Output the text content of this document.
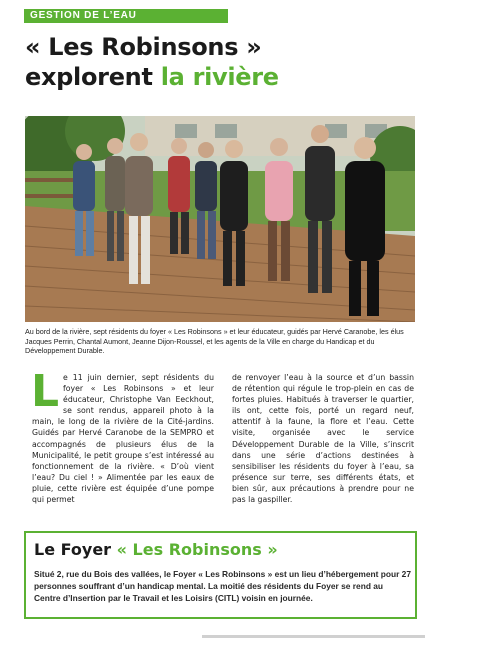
GESTION DE L’EAU
« Les Robinsons »
explorent la rivière

Au bord de la rivière, sept résidents du foyer « Les Robinsons » et leur éducateur, guidés par Hervé Caranobe, les élus Jacques Perrin, Chantal Aumont, Jeanne Dijon-Roussel, et les agents de la Ville en charge du Handicap et du Développement Durable.

L e 11 juin dernier, sept résidents du foyer « Les Robinsons » et leur éducateur, Christophe Van Eeckhout, se sont rendus, appareil photo à la main, le long de la rivière de la Cité-jardins. Guidés par Hervé Caranobe de la SEMPRO et accompagnés de plusieurs élus de la Municipalité, le petit groupe s’est intéressé au fonctionnement de la rivière. « D’où vient l’eau? Du ciel ! » Alimentée par les eaux de pluie, cette rivière est équipée d’une pompe qui permet
de renvoyer l’eau à la source et d’un bassin de rétention qui régule le trop-plein en cas de fortes pluies. Habitués à traverser le quartier, ils ont, cette fois, porté un regard neuf, attentif à la faune, la flore et l’eau. Cette visite, organisée avec le service Développement Durable de la Ville, s’inscrit dans une série d’actions destinées à sensibiliser les résidents du foyer à l’eau, sa présence sur terre, ses différents états, et bien sûr, aux précautions à prendre pour ne pas la gaspiller.
Le Foyer « Les Robinsons »

Situé 2, rue du Bois des vallées, le Foyer « Les Robinsons » est un lieu d’hébergement pour 27 personnes souffrant d’un handicap mental. La moitié des résidents du Foyer se rend au Centre d’Insertion par le Travail et les Loisirs (CITL) voisin en journée.
